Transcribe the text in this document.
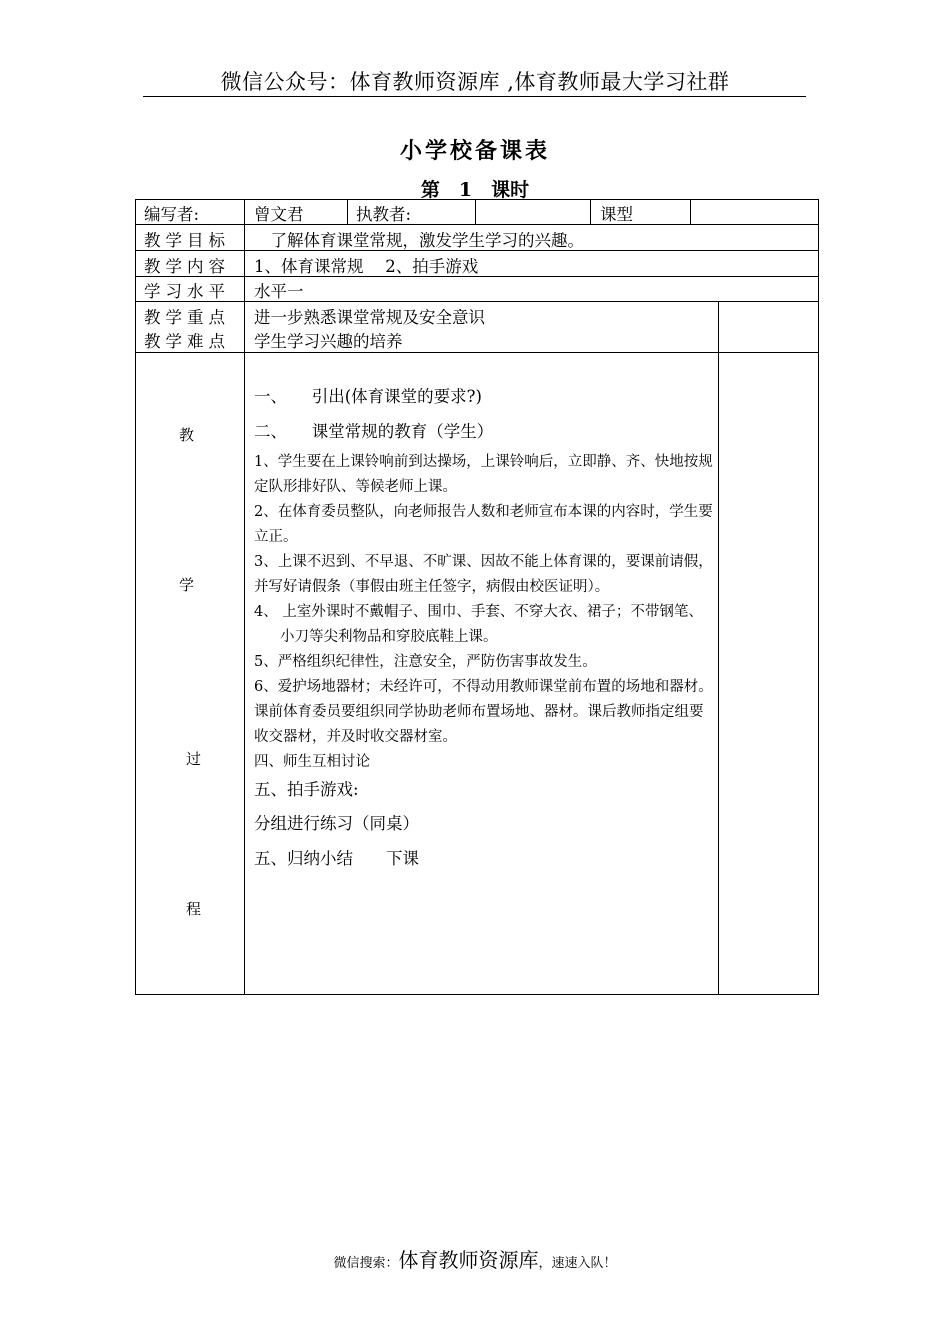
微信公众号：体育教师资源库 ,体育教师最大学习社群
小学校备课表
第　1　课时
编写者:	曾文君	执教者:	课型
教学目标 　了解体育课堂常规，激发学生学习的兴趣。
教学内容 1、体育课常规　 2、拍手游戏
学习水平 水平一
教学重点 进一步熟悉课堂常规及安全意识
教学难点 学生学习兴趣的培养
教
学
过
程
一、　　引出(体育课堂的要求?)
二、　　课堂常规的教育（学生）
1、学生要在上课铃响前到达操场，上课铃响后，立即静、齐、快地按规定队形排好队、等候老师上课。
2、在体育委员整队，向老师报告人数和老师宣布本课的内容时，学生要立正。
3、上课不迟到、不早退、不旷课、因故不能上体育课的，要课前请假，并写好请假条（事假由班主任签字，病假由校医证明）。
4、 上室外课时不戴帽子、围巾、手套、不穿大衣、裙子；不带钢笔、小刀等尖利物品和穿胶底鞋上课。
5、严格组织纪律性，注意安全，严防伤害事故发生。
6、爱护场地器材；未经许可，不得动用教师课堂前布置的场地和器材。课前体育委员要组织同学协助老师布置场地、器材。课后教师指定组要收交器材，并及时收交器材室。
四、师生互相讨论
五、拍手游戏:
分组进行练习（同桌）
五、归纳小结　　下课
微信搜索：体育教师资源库，速速入队！
